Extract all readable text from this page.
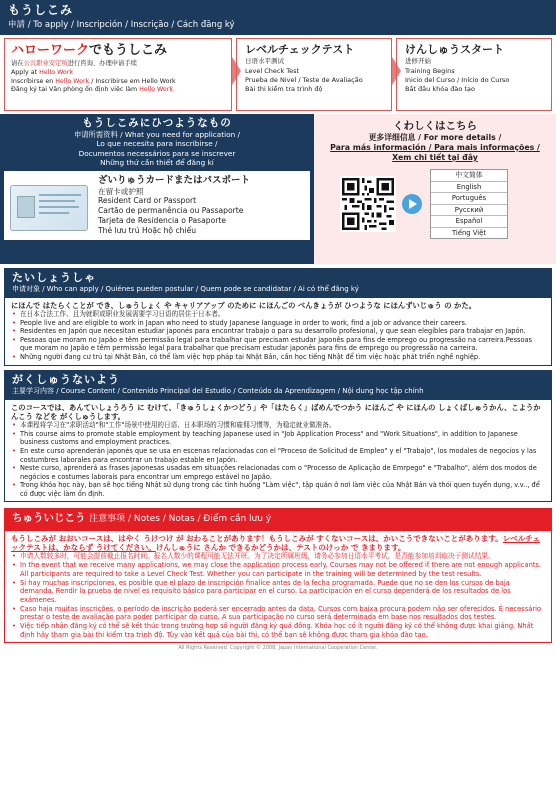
もうしこみ
申請 / To apply / Inscripción / Inscrição / Cách đăng ký
ハローワークでもうしこみ
请在公共职业安定所进行咨询、办理申请手续
Apply at Hello Work
Inscríbirse en Hello Work / Inscribirse em Hello Work
Đăng ký tại Văn phòng ổn định việc làm Hello Work
レベルチェックテスト
日语水平测试
Level Check Test
Prueba de Nivel / Teste de Avaliação
Bài thi kiểm tra trình độ
けんしゅうスタート
进修开始
Training Begins
Inicio del Curso / Início do Curso
Bắt đầu khóa đào tạo
もうしこみにひつようなもの
申请所需资料 / What you need for application /
Lo que necesita para inscribirse /
Documentos necessários para se inscrever
Những thứ cần thiết để đăng kí
ざいりゅうカードまたはパスポート
在留卡或护照
Resident Card or Passport
Cartão de permanência ou Passaporte
Tarjeta de Residencia o Pasaporte
Thẻ lưu trú Hoặc hộ chiếu
くわしくはこちら
更多详细信息 / For more details /
Para más información / Para mais informações /
Xem chi tiết tại đây
中文简体
English
Português
Русский
Español
Tiếng Việt
たいしょうしゃ
申请对象 / Who can apply / Quiénes pueden postular / Quem pode se candidatar / Ai có thể đăng ký
にほんで はたらくことが でき、しゅうしょく や キャリアアップ のために にほんごの べんきょうが ひつような にほんずいじゅう の かた。
• 在日本合法工作、且为就职或职业发展需要学习日语的居住于日本者。
• People live and are eligible to work in Japan who need to study Japanese language in order to work, find a job or advance their careers.
• Residentes en Japón que necesitan estudiar japonés para encontrar trabajo o para su desarrollo profesional, y que sean elegibles para trabajar en Japón.
• Pessoas que moram no Japão e têm permissão legal para trabalhar que precisam estudar japonês para fins de emprego ou progressão na carreira.Pessoas que moram no Japão e têm permissão legal para trabalhar que precisam estudar japonês para fins de emprego ou progressão na carreira.
• Những người đang cư trú tại Nhật Bản, có thể làm việc hợp pháp tại Nhật Bản, cần học tiếng Nhật để tìm việc hoặc phát triển nghề nghiệp.
がくしゅうないよう
主要学习内容 / Course Content / Contenido Principal del Estudio / Conteúdo da Aprendizagem / Nội dung học tập chính
このコースでは、あんていしょうろう に むけて、「きゅうしょくかつどう」や「はたらく」ばめんでつかう にほんご や にほんの しょくばしゅうかん、こようかんこう などを がくしゅうします。
• 本课程将学习在"求职活动"和"工作"场景中使用的日语、日本职场的习惯和雇佣习惯等，为稳定就业做准备。
• This course aims to promote stable employment by teaching Japanese used in "Job Application Process" and "Work Situations", in addition to Japanese business customs and employment practices.
• En este curso aprenderán japonés que se usa en escenas relacionadas con el "Proceso de Solicitud de Empleo" y el "Trabajo", los modales de negocios y las costumbres laborales para encontrar un trabajo estable en Japón.
• Neste curso, aprenderá as frases japonesas usadas em situações relacionadas com o "Processo de Aplicação de Emrpego" e "Trabalho", além dos modos de negócios e costumes laborais para encontrar um emprego estável no Japão.
• Trong khóa học này, bạn sẽ học tiếng Nhật sử dụng trong các tình huống "Làm việc", tập quán ở nơi làm việc của Nhật Bản và thói quen tuyển dụng, v.v.., để có được việc làm ổn định.
ちゅういじこう 注意事项 / Notes / Notas / Điểm cần lưu ý
もうしこみが おおいコースは、はやく うけつけ が おわることがあります！もうしこみが すくないコースは、かいこうできないことがあります。レベルチェックテストは、かならず うけてください。けんしゅうに さんか できるかどうかは、テストのけっか で きまります。
• 申请人数较多时，可能会提前截止报名时间。报名人数少的课程可能无法开班。为了决定所属班级，请务必参加日语水平考试，是否能参加培训取决于测试结果。
• In the event that we receive many applications, we may close the application process early. Courses may not be offered if there are not enough applicants. All participants are required to take a Level Check Test. Whether you can participate in the training will be determined by the test results.
• Si hay muchas inscripciones, es posible que el plazo de inscripción finalice antes de la fecha programada. Puede que no se den los cursos de baja demanda. Rendir la prueba de nivel es requisito básico para participar en el curso. La participación en el curso dependerá de los resultados de los exámenes.
• Caso haja muitas inscrições, o período de inscrição poderá ser encerrado antes da data. Cursos com baixa procura podem não ser oferecidos. É necessário prestar o teste de avaliação para poder participar do curso. A sua participação no curso será determinada em base nos resultados dos testes.
• Việc tiếp nhận đăng ký có thể sẽ kết thúc trong trường hợp số người đăng ký quá đông. Khóa học có ít người đăng ký có thể không được khai giảng. Nhất định hãy tham gia bài thi kiểm tra trình độ. Tùy vào kết quả của bài thi, có thể bạn sẽ không được tham gia khóa đào tạo.
All Rights Reserved. Copyright © 2008, Japan International Cooperation Center.
